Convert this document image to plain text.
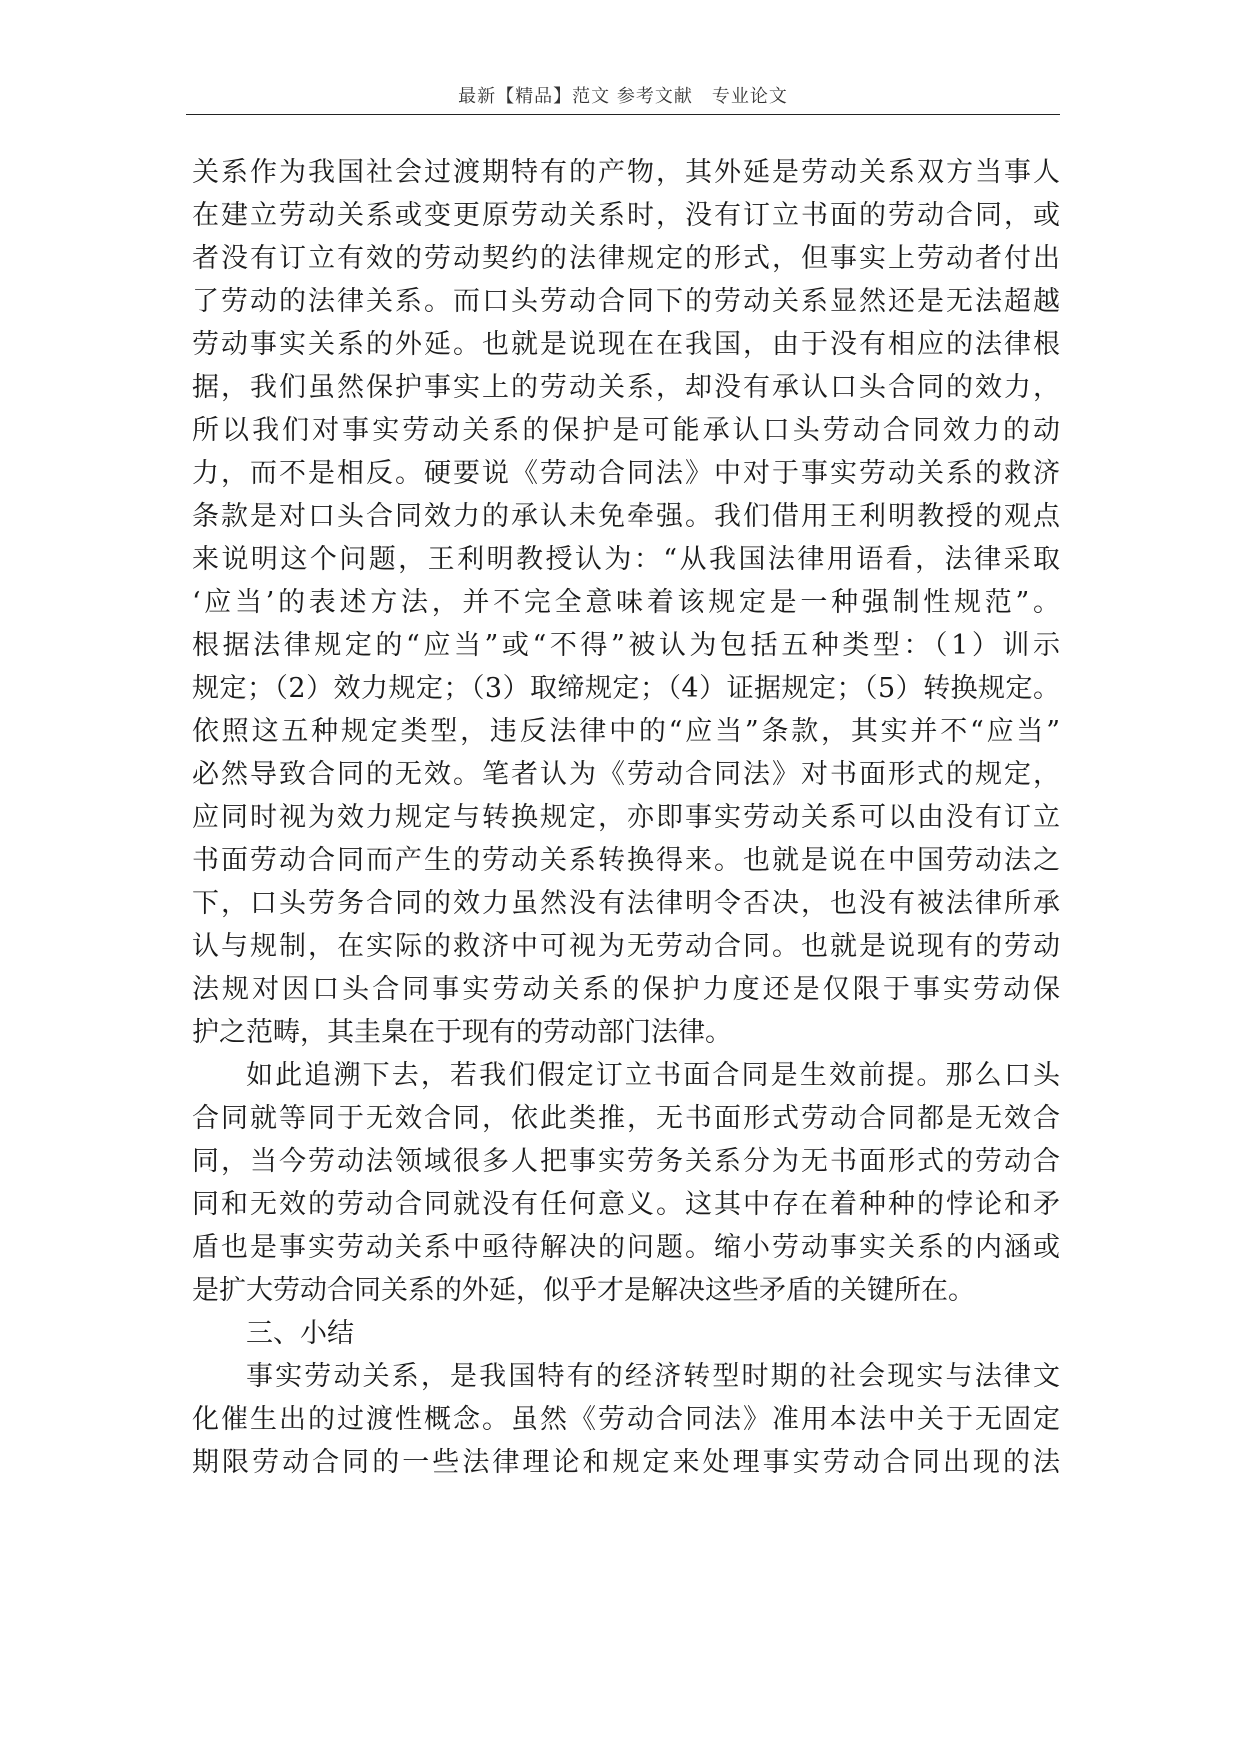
最新【精品】范文 参考文献　专业论文
关系作为我国社会过渡期特有的产物，其外延是劳动关系双方当事人
在建立劳动关系或变更原劳动关系时，没有订立书面的劳动合同，或
者没有订立有效的劳动契约的法律规定的形式，但事实上劳动者付出
了劳动的法律关系。而口头劳动合同下的劳动关系显然还是无法超越
劳动事实关系的外延。也就是说现在在我国，由于没有相应的法律根
据，我们虽然保护事实上的劳动关系，却没有承认口头合同的效力，
所以我们对事实劳动关系的保护是可能承认口头劳动合同效力的动
力，而不是相反。硬要说《劳动合同法》中对于事实劳动关系的救济
条款是对口头合同效力的承认未免牵强。我们借用王利明教授的观点
来说明这个问题，王利明教授认为：“从我国法律用语看，法律采取
‘应当’的表述方法，并不完全意味着该规定是一种强制性规范”。
根据法律规定的“应当”或“不得”被认为包括五种类型：（1）训示
规定；（2）效力规定；（3）取缔规定；（4）证据规定；（5）转换规定。
依照这五种规定类型，违反法律中的“应当”条款，其实并不“应当”
必然导致合同的无效。笔者认为《劳动合同法》对书面形式的规定，
应同时视为效力规定与转换规定，亦即事实劳动关系可以由没有订立
书面劳动合同而产生的劳动关系转换得来。也就是说在中国劳动法之
下，口头劳务合同的效力虽然没有法律明令否决，也没有被法律所承
认与规制，在实际的救济中可视为无劳动合同。也就是说现有的劳动
法规对因口头合同事实劳动关系的保护力度还是仅限于事实劳动保
护之范畴，其圭臬在于现有的劳动部门法律。
如此追溯下去，若我们假定订立书面合同是生效前提。那么口头
合同就等同于无效合同，依此类推，无书面形式劳动合同都是无效合
同，当今劳动法领域很多人把事实劳务关系分为无书面形式的劳动合
同和无效的劳动合同就没有任何意义。这其中存在着种种的悖论和矛
盾也是事实劳动关系中亟待解决的问题。缩小劳动事实关系的内涵或
是扩大劳动合同关系的外延，似乎才是解决这些矛盾的关键所在。
三、小结
事实劳动关系，是我国特有的经济转型时期的社会现实与法律文
化催生出的过渡性概念。虽然《劳动合同法》准用本法中关于无固定
期限劳动合同的一些法律理论和规定来处理事实劳动合同出现的法
